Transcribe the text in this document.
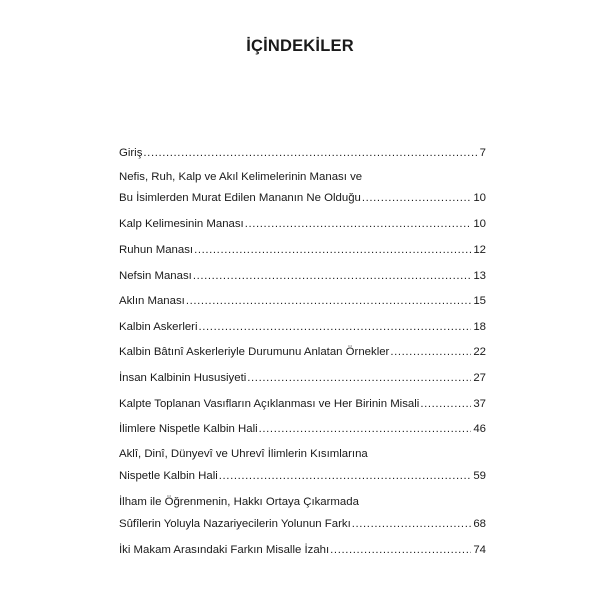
İÇİNDEKİLER
Giriş .....	7
Nefis, Ruh, Kalp ve Akıl Kelimelerinin Manası ve
Bu İsimlerden Murat Edilen Mananın Ne Olduğu .....	10
Kalp Kelimesinin Manası .....	10
Ruhun Manası .....	12
Nefsin Manası .....	13
Aklın Manası .....	15
Kalbin Askerleri .....	18
Kalbin Bâtınî Askerleriyle Durumunu Anlatan Örnekler .....	22
İnsan Kalbinin Hususiyeti .....	27
Kalpte Toplanan Vasıfların Açıklanması ve Her Birinin Misali .....	37
İlimlere Nispetle Kalbin Hali .....	46
Aklî, Dinî, Dünyevî ve Uhrevî İlimlerin Kısımlarına
Nispetle Kalbin Hali .....	59
İlham ile Öğrenmenin, Hakkı Ortaya Çıkarmada
Sûfîlerin Yoluyla Nazariyecilerin Yolunun Farkı .....	68
İki Makam Arasındaki Farkın Misalle İzahı .....	74
